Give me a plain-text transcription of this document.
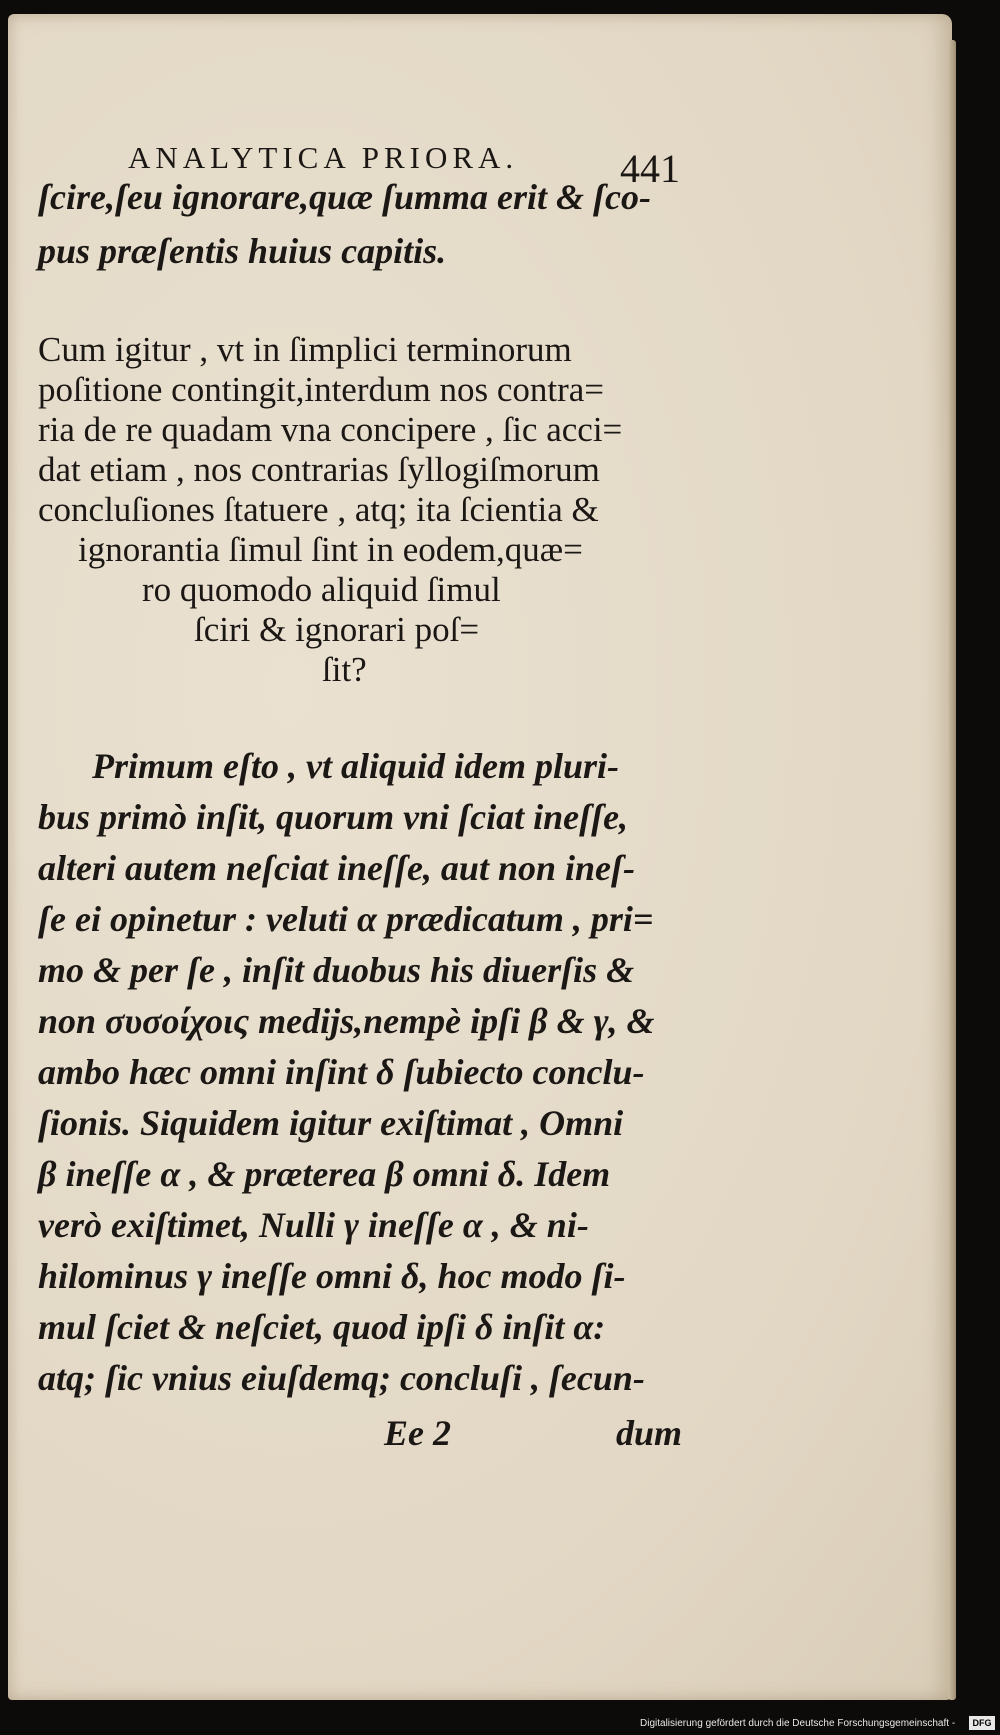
ANALYTICA PRIORA.	441
ſcire,ſeu ignorare,quæ ſumma erit & ſco-
pus præſentis huius capitis.
Cum igitur , vt in ſimplici terminorum
poſitione contingit,interdum nos contra=
ria de re quadam vna concipere , ſic acci=
dat etiam , nos contrarias ſyllogiſmorum
concluſiones ſtatuere , atq; ita ſcientia &
ignorantia ſimul ſint in eodem,quæ=
ro quomodo aliquid ſimul
ſciri & ignorari poſ=
ſit?
Primum eſto , vt aliquid idem pluri-
bus primò inſit, quorum vni ſciat ineſſe,
alteri autem neſciat ineſſe, aut non ineſ-
ſe ei opinetur : veluti α prædicatum , pri=
mo & per ſe , inſit duobus his diuerſis &
non συσοίχοις medijs,nempè ipſi β & γ, &
ambo hæc omni inſint δ ſubiecto conclu-
ſionis. Siquidem igitur exiſtimat , Omni
β ineſſe α , & præterea β omni δ. Idem
verò exiſtimet, Nulli γ ineſſe α , & ni-
hilominus γ ineſſe omni δ, hoc modo ſi-
mul ſciet & neſciet, quod ipſi δ inſit α:
atq; ſic vnius eiuſdemq; concluſi , ſecun-
Ee 2	dum
Digitalisierung gefördert durch die Deutsche Forschungsgemeinschaft -	DFG
